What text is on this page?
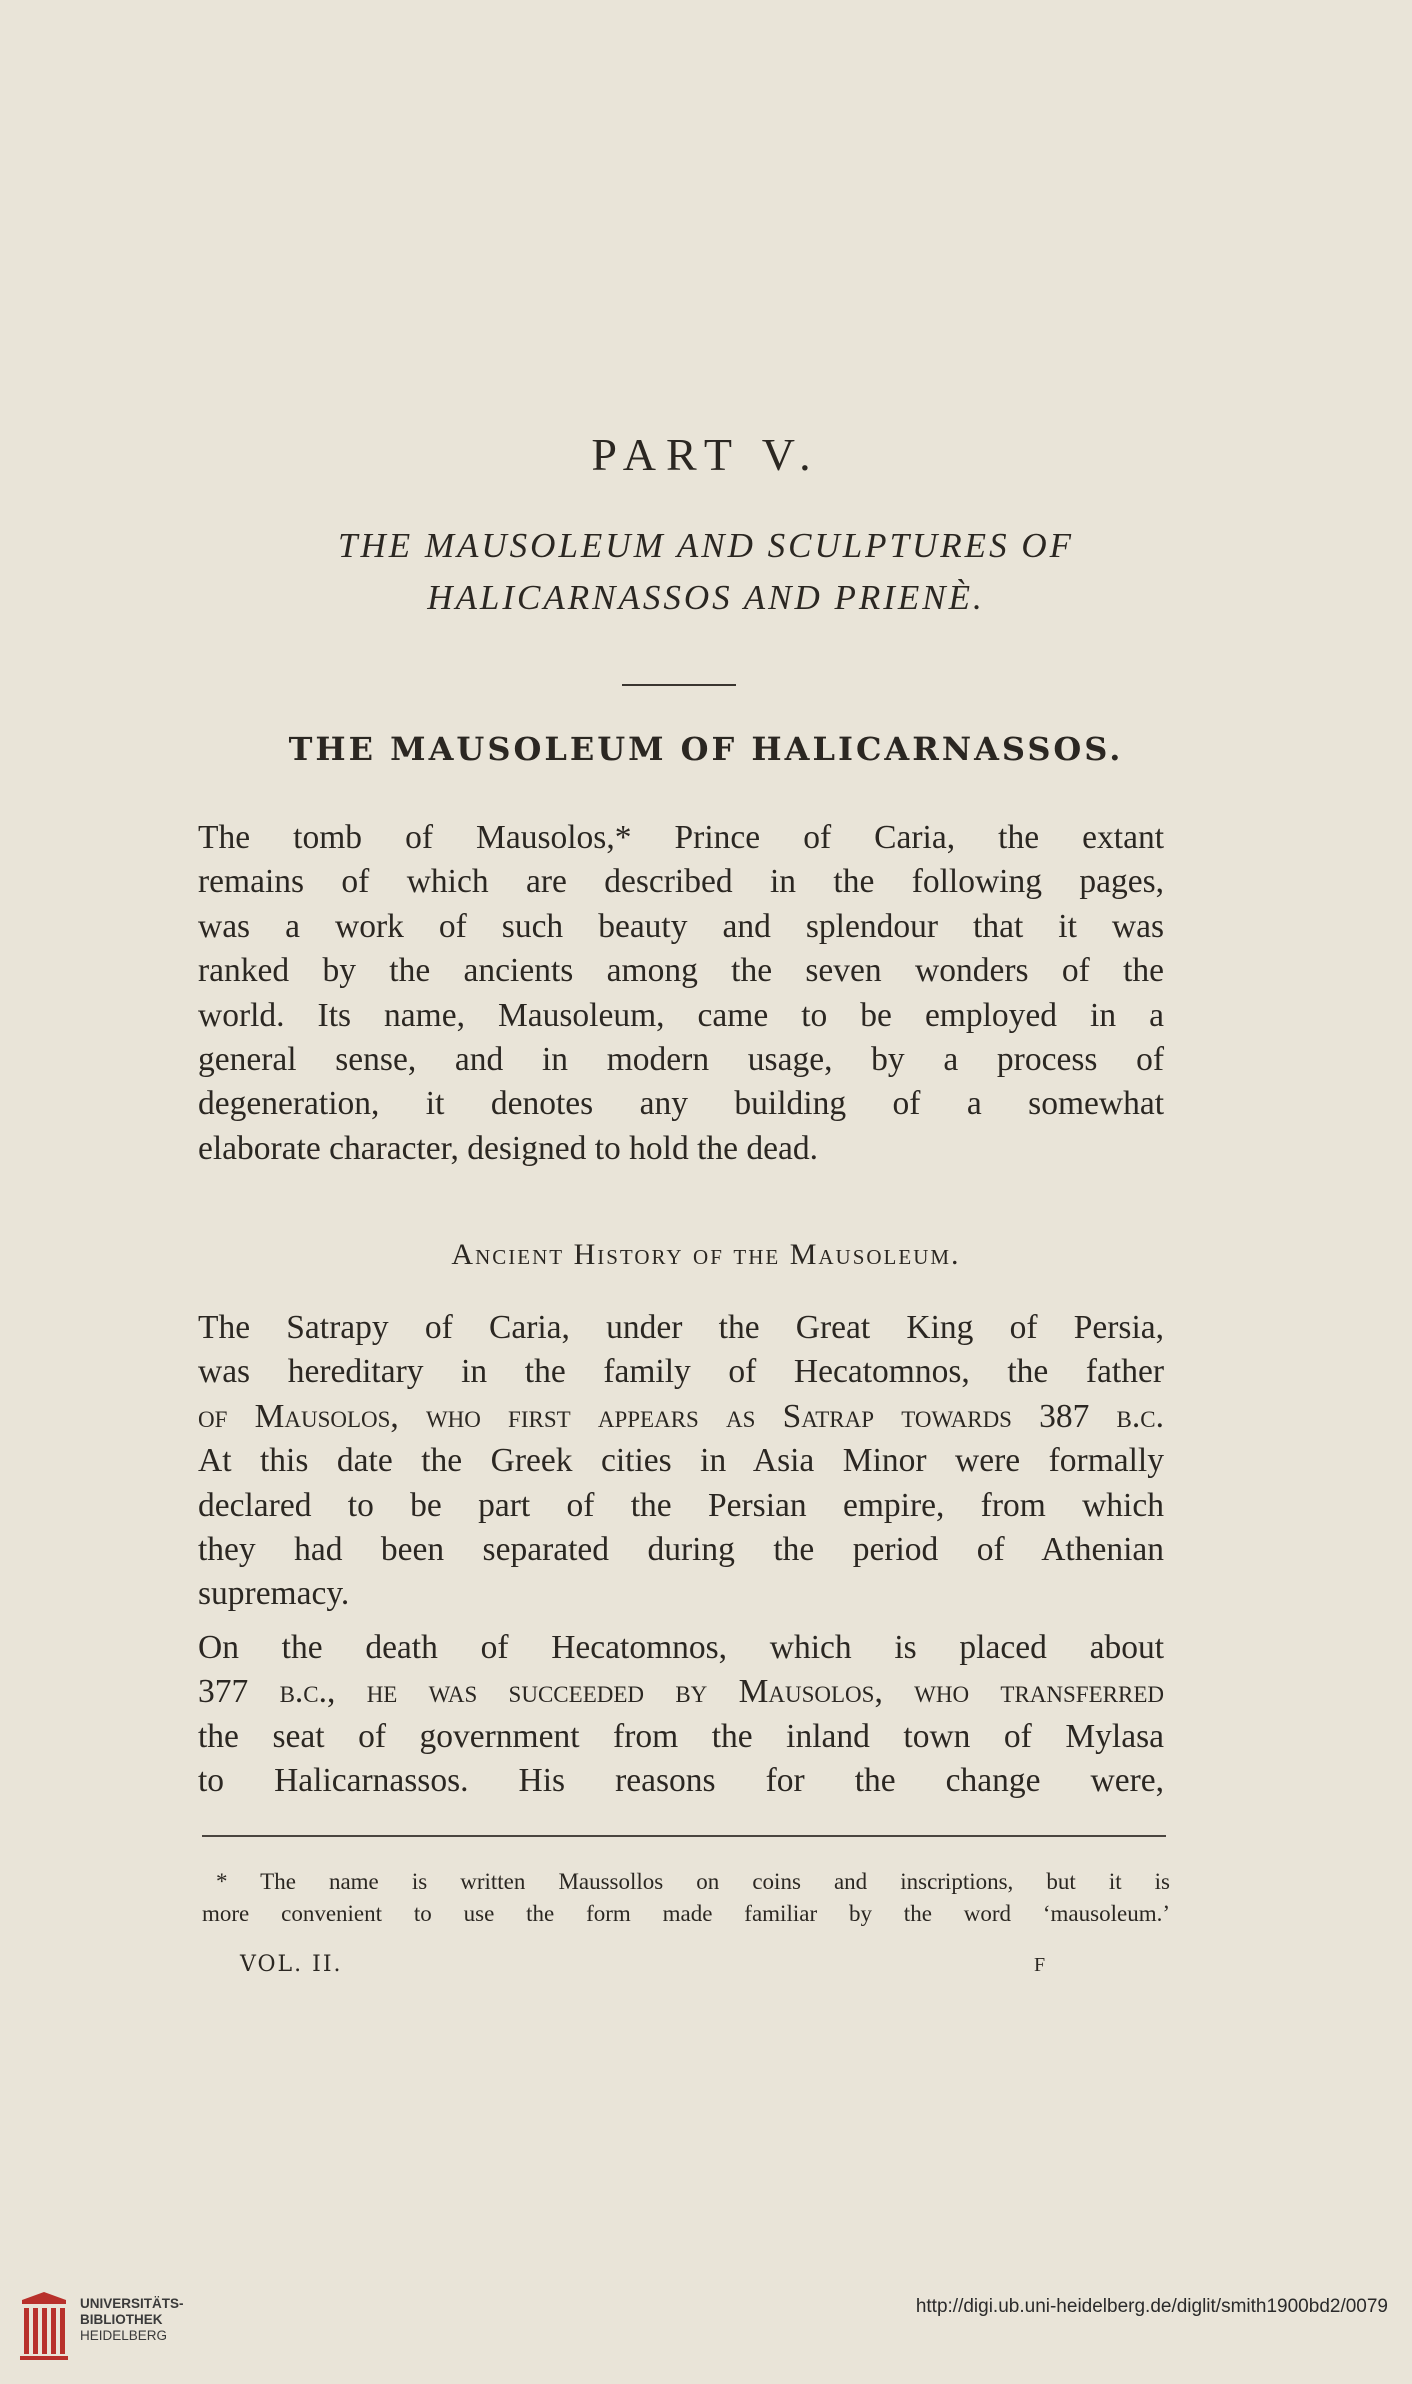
PART V.
THE MAUSOLEUM AND SCULPTURES OF
HALICARNASSOS AND PRIENÈ.
THE MAUSOLEUM OF HALICARNASSOS.
The tomb of Mausolos,* Prince of Caria, the extant
remains of which are described in the following pages,
was a work of such beauty and splendour that it was
ranked by the ancients among the seven wonders of the
world. Its name, Mausoleum, came to be employed in a
general sense, and in modern usage, by a process of
degeneration, it denotes any building of a somewhat
elaborate character, designed to hold the dead.
Ancient History of the Mausoleum.
The Satrapy of Caria, under the Great King of Persia,
was hereditary in the family of Hecatomnos, the father
of Mausolos, who first appears as Satrap towards 387 b.c.
At this date the Greek cities in Asia Minor were formally
declared to be part of the Persian empire, from which
they had been separated during the period of Athenian
supremacy.
On the death of Hecatomnos, which is placed about
377 b.c., he was succeeded by Mausolos, who transferred
the seat of government from the inland town of Mylasa
to Halicarnassos. His reasons for the change were,
* The name is written Maussollos on coins and inscriptions, but it is
more convenient to use the form made familiar by the word ‘mausoleum.’
VOL. II.	F
UNIVERSITÄTS-
BIBLIOTHEK
HEIDELBERG
http://digi.ub.uni-heidelberg.de/diglit/smith1900bd2/0079
